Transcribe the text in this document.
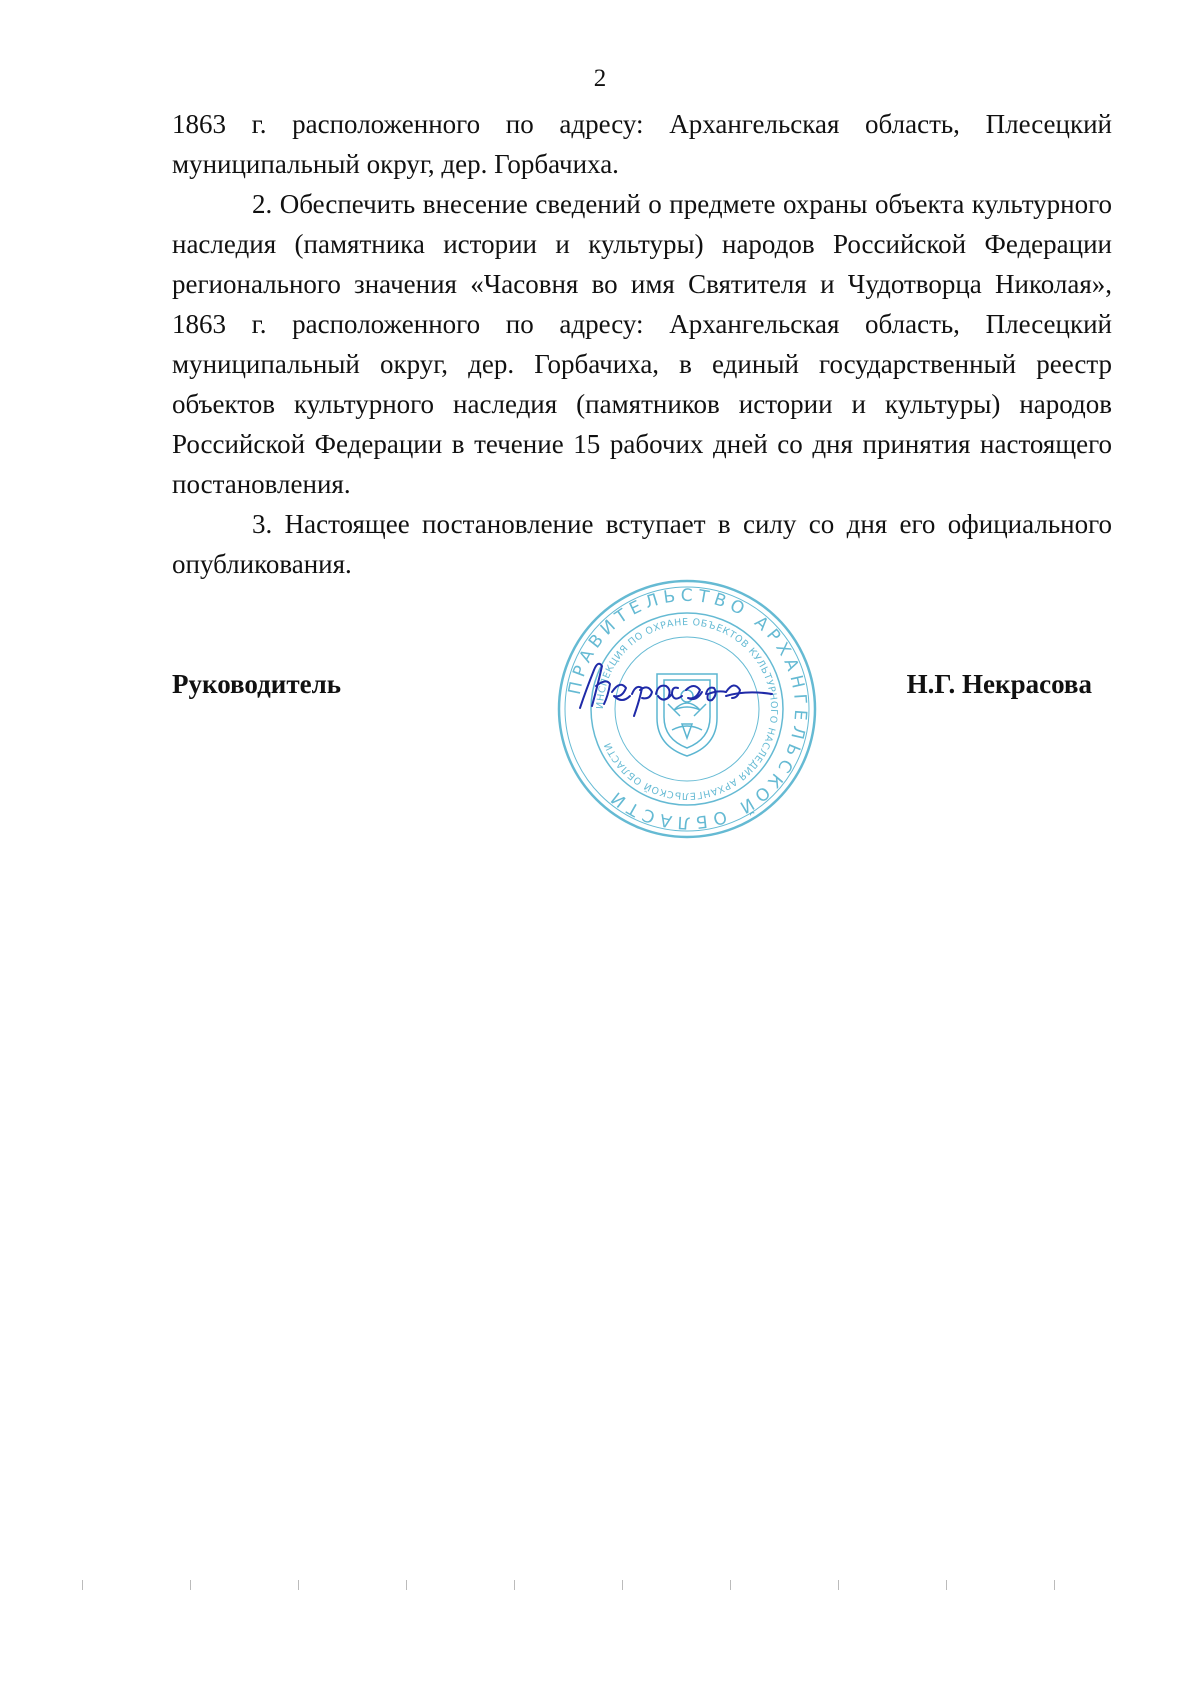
2

1863 г. расположенного по адресу: Архангельская область, Плесецкий муниципальный округ, дер. Горбачиха.

2. Обеспечить внесение сведений о предмете охраны объекта культурного наследия (памятника истории и культуры) народов Российской Федерации регионального значения «Часовня во имя Святителя и Чудотворца Николая», 1863 г. расположенного по адресу: Архангельская область, Плесецкий муниципальный округ, дер. Горбачиха, в единый государственный реестр объектов культурного наследия (памятников истории и культуры) народов Российской Федерации в течение 15 рабочих дней со дня принятия настоящего постановления.

3. Настоящее постановление вступает в силу со дня его официального опубликования.

ПРАВИТЕЛЬСТВО АРХАНГЕЛЬСКОЙ ОБЛАСТИ
ИНСПЕКЦИЯ ПО ОХРАНЕ ОБЪЕКТОВ КУЛЬТУРНОГО НАСЛЕДИЯ АРХАНГЕЛЬСКОЙ ОБЛАСТИ
Руководитель	Н.Г. Некрасова
